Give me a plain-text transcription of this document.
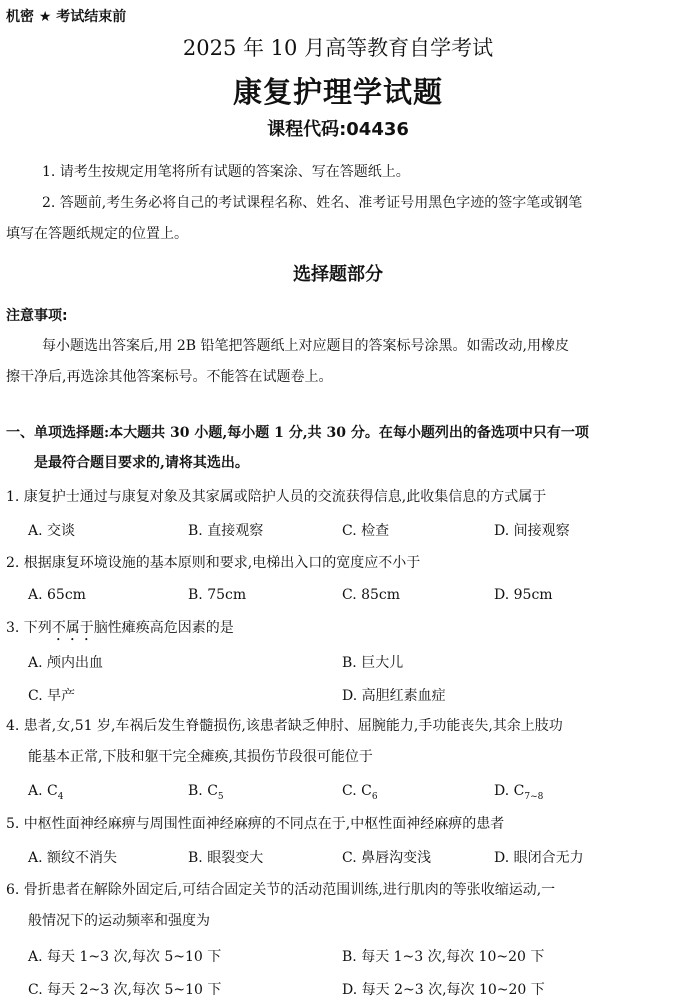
机密 ★ 考试结束前
2025 年 10 月高等教育自学考试
康复护理学试题
课程代码:04436
1. 请考生按规定用笔将所有试题的答案涂、写在答题纸上。
2. 答题前,考生务必将自己的考试课程名称、姓名、准考证号用黑色字迹的签字笔或钢笔
填写在答题纸规定的位置上。
选择题部分
注意事项:
每小题选出答案后,用 2B 铅笔把答题纸上对应题目的答案标号涂黑。如需改动,用橡皮
擦干净后,再选涂其他答案标号。不能答在试题卷上。
一、单项选择题:本大题共 30 小题,每小题 1 分,共 30 分。在每小题列出的备选项中只有一项
是最符合题目要求的,请将其选出。
1. 康复护士通过与康复对象及其家属或陪护人员的交流获得信息,此收集信息的方式属于
A. 交谈	B. 直接观察	C. 检查	D. 间接观察
2. 根据康复环境设施的基本原则和要求,电梯出入口的宽度应不小于
A. 65cm	B. 75cm	C. 85cm	D. 95cm
3. 下列不属于脑性瘫痪高危因素的是
A. 颅内出血	B. 巨大儿
C. 早产	D. 高胆红素血症
4. 患者,女,51 岁,车祸后发生脊髓损伤,该患者缺乏伸肘、屈腕能力,手功能丧失,其余上肢功
能基本正常,下肢和躯干完全瘫痪,其损伤节段很可能位于
A. $C_4$	B. $C_5$	C. $C_6$	D. $C_{7\sim 8}$
5. 中枢性面神经麻痹与周围性面神经麻痹的不同点在于,中枢性面神经麻痹的患者
A. 额纹不消失	B. 眼裂变大	C. 鼻唇沟变浅	D. 眼闭合无力
6. 骨折患者在解除外固定后,可结合固定关节的活动范围训练,进行肌肉的等张收缩运动,一
般情况下的运动频率和强度为
A. 每天 1~3 次,每次 5~10 下	B. 每天 1~3 次,每次 10~20 下
C. 每天 2~3 次,每次 5~10 下	D. 每天 2~3 次,每次 10~20 下
